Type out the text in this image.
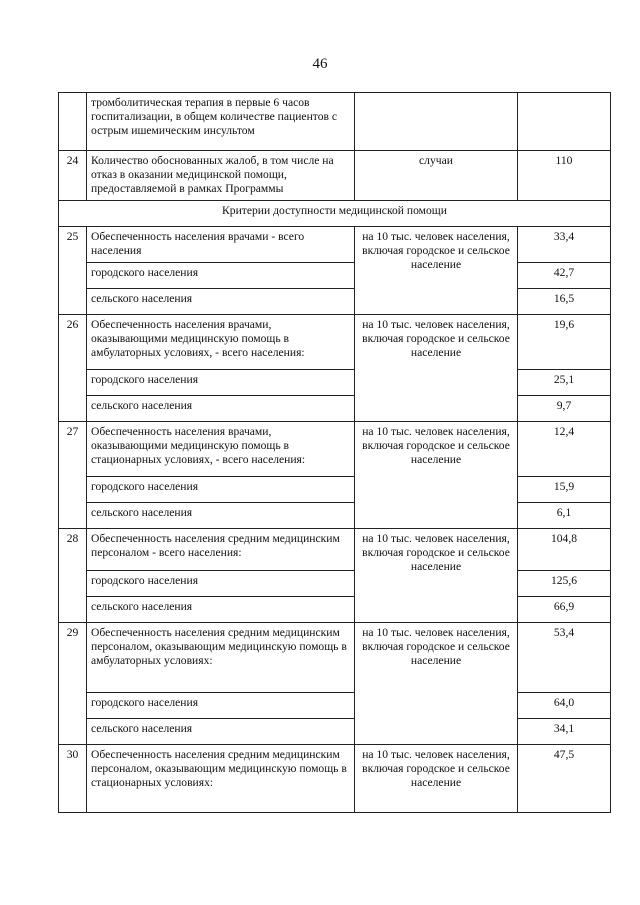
46
	тромболитическая терапия в первые 6 часов госпитализации, в общем количестве пациентов с острым ишемическим инсультом		
24	Количество обоснованных жалоб, в том числе на отказ в оказании медицинской помощи, предоставляемой в рамках Программы	случаи	110
Критерии доступности медицинской помощи			
25	Обеспеченность населения врачами - всего населения	на 10 тыс. человек населения, включая городское и сельское население	33,4
	городского населения		42,7
	сельского населения		16,5
26	Обеспеченность населения врачами, оказывающими медицинскую помощь в амбулаторных условиях, - всего населения:	на 10 тыс. человек населения, включая городское и сельское население	19,6
	городского населения		25,1
	сельского населения		9,7
27	Обеспеченность населения врачами, оказывающими медицинскую помощь в стационарных условиях, - всего населения:	на 10 тыс. человек населения, включая городское и сельское население	12,4
	городского населения		15,9
	сельского населения		6,1
28	Обеспеченность населения средним медицинским персоналом - всего населения:	на 10 тыс. человек населения, включая городское и сельское население	104,8
	городского населения		125,6
	сельского населения		66,9
29	Обеспеченность населения средним медицинским персоналом, оказывающим медицинскую помощь в амбулаторных условиях:	на 10 тыс. человек населения, включая городское и сельское население	53,4
	городского населения		64,0
	сельского населения		34,1
30	Обеспеченность населения средним медицинским персоналом, оказывающим медицинскую помощь в стационарных условиях:	на 10 тыс. человек населения, включая городское и сельское население	47,5
